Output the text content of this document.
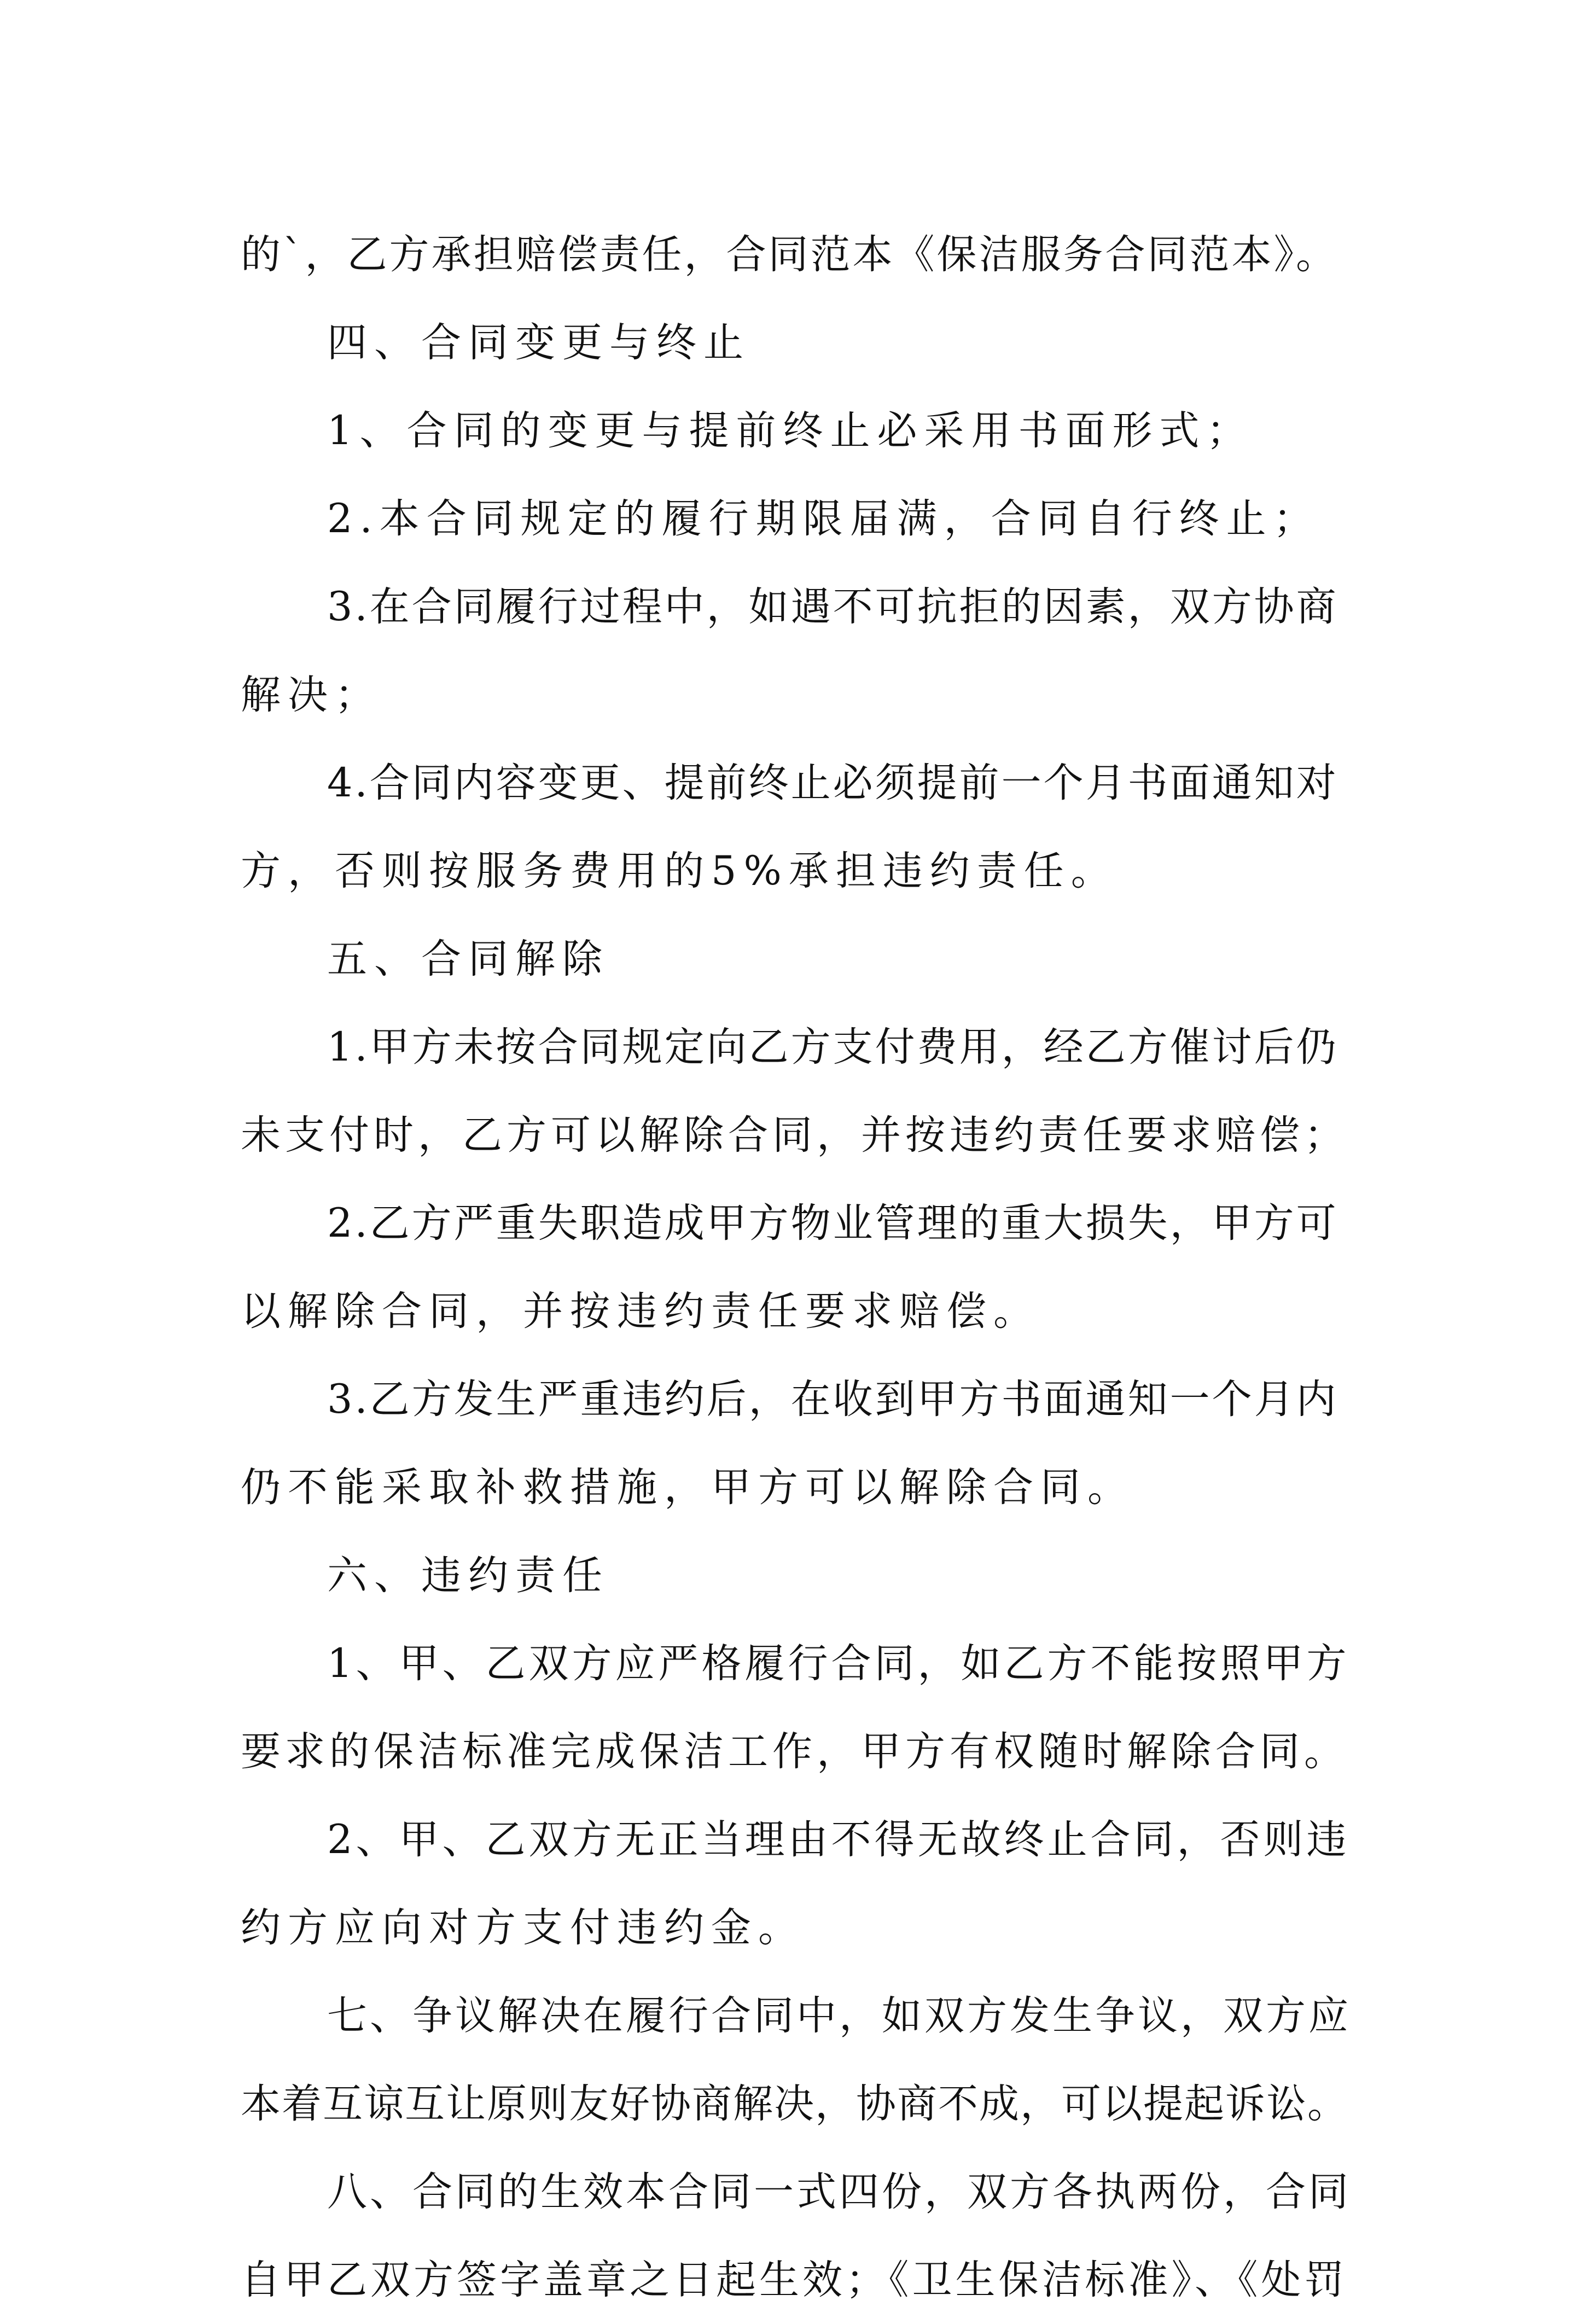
的`，乙方承担赔偿责任，合同范本《保洁服务合同范本》。
四、合同变更与终止
1、合同的变更与提前终止必采用书面形式；
2.本合同规定的履行期限届满，合同自行终止；
3.在合同履行过程中，如遇不可抗拒的因素，双方协商
解决；
4.合同内容变更、提前终止必须提前一个月书面通知对
方，否则按服务费用的5%承担违约责任。
五、合同解除
1.甲方未按合同规定向乙方支付费用，经乙方催讨后仍
未支付时，乙方可以解除合同，并按违约责任要求赔偿；
2.乙方严重失职造成甲方物业管理的重大损失，甲方可
以解除合同，并按违约责任要求赔偿。
3.乙方发生严重违约后，在收到甲方书面通知一个月内
仍不能采取补救措施，甲方可以解除合同。
六、违约责任
1、甲、乙双方应严格履行合同，如乙方不能按照甲方
要求的保洁标准完成保洁工作，甲方有权随时解除合同。
2、甲、乙双方无正当理由不得无故终止合同，否则违
约方应向对方支付违约金。
七、争议解决在履行合同中，如双方发生争议，双方应
本着互谅互让原则友好协商解决，协商不成，可以提起诉讼。
八、合同的生效本合同一式四份，双方各执两份，合同
自甲乙双方签字盖章之日起生效；《卫生保洁标准》、《处罚
